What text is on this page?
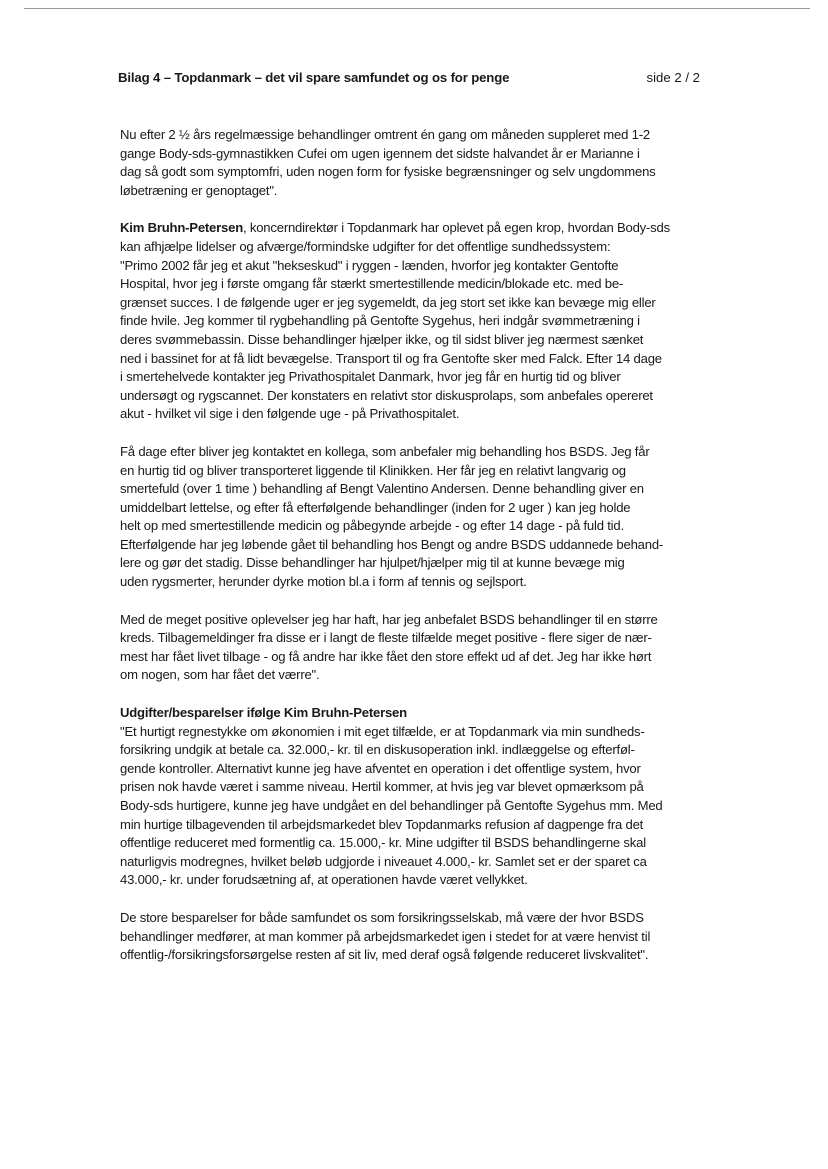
Bilag 4 – Topdanmark – det vil spare samfundet og os for penge	side 2 / 2

Nu efter 2 ½ års regelmæssige behandlinger omtrent én gang om måneden suppleret med 1-2
gange Body-sds-gymnastikken Cufei om ugen igennem det sidste halvandet år er Marianne i
dag så godt som symptomfri, uden nogen form for fysiske begrænsninger og selv ungdommens
løbetræning er genoptaget".

Kim Bruhn-Petersen, koncerndirektør i Topdanmark har oplevet på egen krop, hvordan Body-sds
kan afhjælpe lidelser og afværge/formindske udgifter for det offentlige sundhedssystem:
"Primo 2002 får jeg et akut "hekseskud" i ryggen - lænden, hvorfor jeg kontakter Gentofte
Hospital, hvor jeg i første omgang får stærkt smertestillende medicin/blokade etc. med be-
grænset succes. I de følgende uger er jeg sygemeldt, da jeg stort set ikke kan bevæge mig eller
finde hvile. Jeg kommer til rygbehandling på Gentofte Sygehus, heri indgår svømmetræning i
deres svømmebassin. Disse behandlinger hjælper ikke, og til sidst bliver jeg nærmest sænket
ned i bassinet for at få lidt bevægelse. Transport til og fra Gentofte sker med Falck. Efter 14 dage
i smertehelvede kontakter jeg Privathospitalet Danmark, hvor jeg får en hurtig tid og bliver
undersøgt og rygscannet. Der konstaters en relativt stor diskusprolaps, som anbefales opereret
akut - hvilket vil sige i den følgende uge - på Privathospitalet.

Få dage efter bliver jeg kontaktet en kollega, som anbefaler mig behandling hos BSDS. Jeg får
en hurtig tid og bliver transporteret liggende til Klinikken. Her får jeg en relativt langvarig og
smertefuld (over 1 time ) behandling af Bengt Valentino Andersen. Denne behandling giver en
umiddelbart lettelse, og efter få efterfølgende behandlinger (inden for 2 uger ) kan jeg holde
helt op med smertestillende medicin og påbegynde arbejde - og efter 14 dage - på fuld tid.
Efterfølgende har jeg løbende gået til behandling hos Bengt og andre BSDS uddannede behand-
lere og gør det stadig. Disse behandlinger har hjulpet/hjælper mig til at kunne bevæge mig
uden rygsmerter, herunder dyrke motion bl.a i form af tennis og sejlsport.

Med de meget positive oplevelser jeg har haft, har jeg anbefalet BSDS behandlinger til en større
kreds. Tilbagemeldinger fra disse er i langt de fleste tilfælde meget positive - flere siger de nær-
mest har fået livet tilbage - og få andre har ikke fået den store effekt ud af det. Jeg har ikke hørt
om nogen, som har fået det værre".

Udgifter/besparelser ifølge Kim Bruhn-Petersen
"Et hurtigt regnestykke om økonomien i mit eget tilfælde, er at Topdanmark via min sundheds-
forsikring undgik at betale ca. 32.000,- kr. til en diskusoperation inkl. indlæggelse og efterføl-
gende kontroller. Alternativt kunne jeg have afventet en operation i det offentlige system, hvor
prisen nok havde været i samme niveau. Hertil kommer, at hvis jeg var blevet opmærksom på
Body-sds hurtigere, kunne jeg have undgået en del behandlinger på Gentofte Sygehus mm. Med
min hurtige tilbagevenden til arbejdsmarkedet blev Topdanmarks refusion af dagpenge fra det
offentlige reduceret med formentlig ca. 15.000,- kr. Mine udgifter til BSDS behandlingerne skal
naturligvis modregnes, hvilket beløb udgjorde i niveauet 4.000,- kr. Samlet set er der sparet ca
43.000,- kr. under forudsætning af, at operationen havde været vellykket.

De store besparelser for både samfundet os som forsikringsselskab, må være der hvor BSDS
behandlinger medfører, at man kommer på arbejdsmarkedet igen i stedet for at være henvist til
offentlig-/forsikringsforsørgelse resten af sit liv, med deraf også følgende reduceret livskvalitet".
